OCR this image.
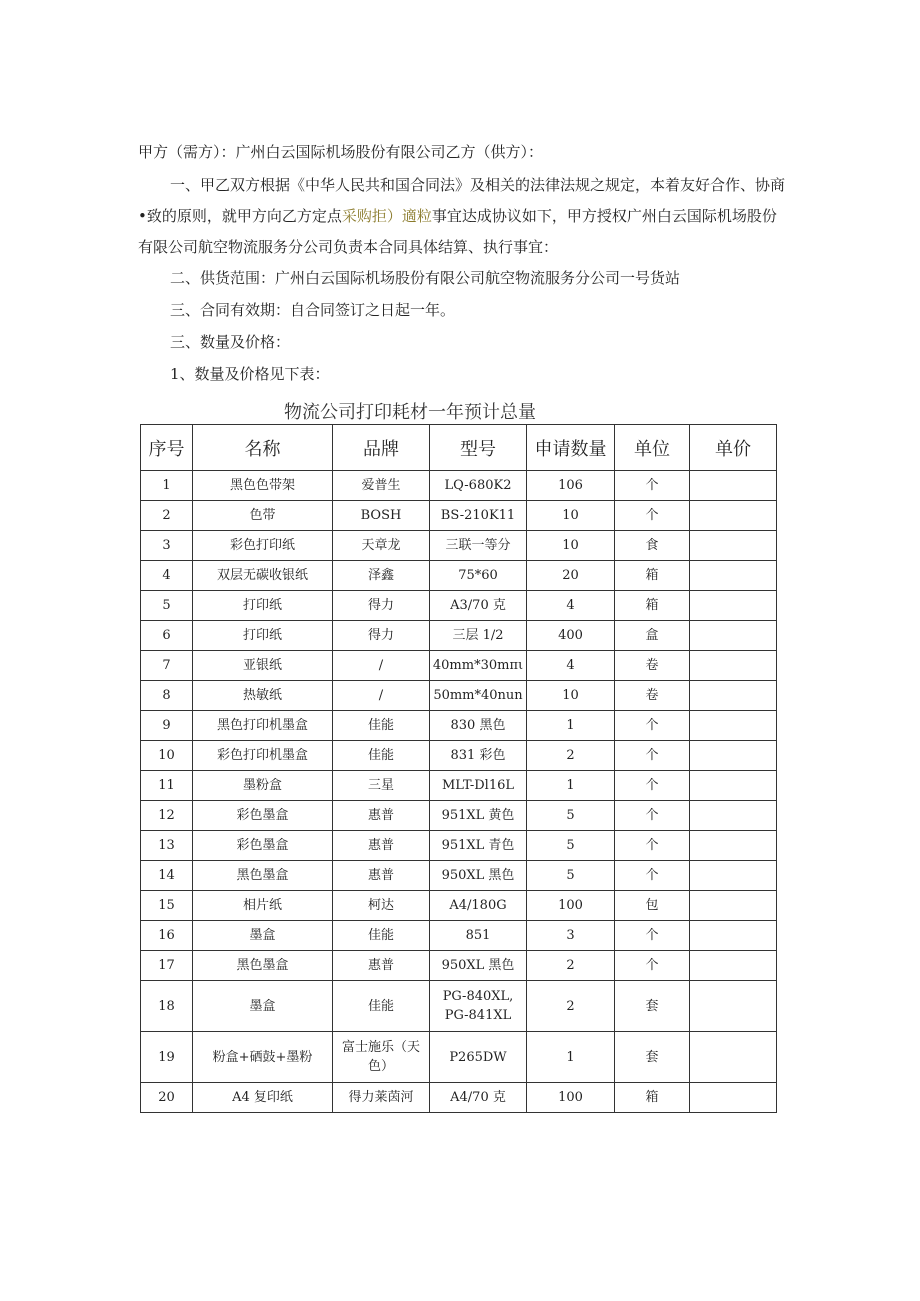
甲方（需方）：广州白云国际机场股份有限公司乙方（供方）：

一、甲乙双方根据《中华人民共和国合同法》及相关的法律法规之规定，本着友好合作、协商•致的原则，就甲方向乙方定点采购拒）適粒事宜达成协议如下，甲方授权广州白云国际机场股份有限公司航空物流服务分公司负责本合同具体结算、执行事宜：

二、供货范围：广州白云国际机场股份有限公司航空物流服务分公司一号货站

三、合同有效期：自合同签订之日起一年。

三、数量及价格：

1、数量及价格见下表：

物流公司打印耗材一年预计总量
序号	名称	品牌	型号	申请数量	单位	单价
1	黑色色带架	爱普生	LQ-680K2	106	个	
2	色带	BOSH	BS-210K11	10	个	
3	彩色打印纸	天章龙	三联一等分	10	食	
4	双层无碳收银纸	泽鑫	75*60	20	箱	
5	打印纸	得力	A3/70 克	4	箱	
6	打印纸	得力	三层 1/2	400	盒	
7	亚银纸	/	40mm*30mπι	4	卷	
8	热敏纸	/	50mm*40nun	10	卷	
9	黑色打印机墨盒	佳能	830 黑色	1	个	
10	彩色打印机墨盒	佳能	831 彩色	2	个	
11	墨粉盒	三星	MLT-Dl16L	1	个	
12	彩色墨盒	惠普	951XL 黄色	5	个	
13	彩色墨盒	惠普	951XL 青色	5	个	
14	黑色墨盒	惠普	950XL 黑色	5	个	
15	相片纸	柯达	A4/180G	100	包	
16	墨盒	佳能	851	3	个	
17	黑色墨盒	惠普	950XL 黑色	2	个	
18	墨盒	佳能	PG-840XL,
PG-841XL	2	套	
19	粉盒+硒鼓+墨粉	富士施乐（天
色）	P265DW	1	套	
20	A4 复印纸	得力莱茵河	A4/70 克	100	箱	
